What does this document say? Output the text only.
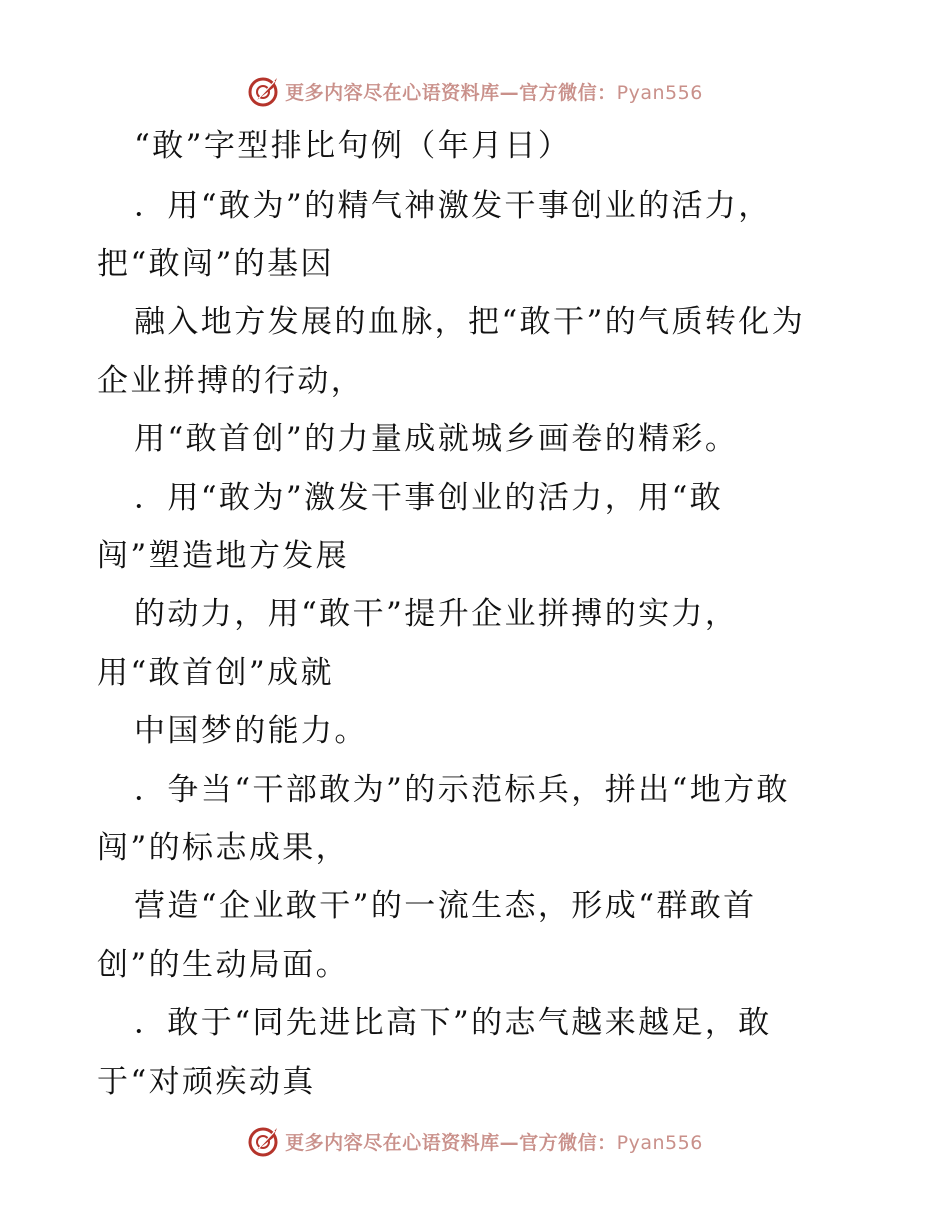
更多内容尽在心语资料库—官方微信：Pyan556
“敢”字型排比句例（年月日）
．用“敢为”的精气神激发干事创业的活力，
把“敢闯”的基因
融入地方发展的血脉，把“敢干”的气质转化为
企业拼搏的行动，
用“敢首创”的力量成就城乡画卷的精彩。
．用“敢为”激发干事创业的活力，用“敢
闯”塑造地方发展
的动力，用“敢干”提升企业拼搏的实力，
用“敢首创”成就
中国梦的能力。
．争当“干部敢为”的示范标兵，拼出“地方敢
闯”的标志成果，
营造“企业敢干”的一流生态，形成“群敢首
创”的生动局面。
．敢于“同先进比高下”的志气越来越足，敢
于“对顽疾动真
更多内容尽在心语资料库—官方微信：Pyan556
